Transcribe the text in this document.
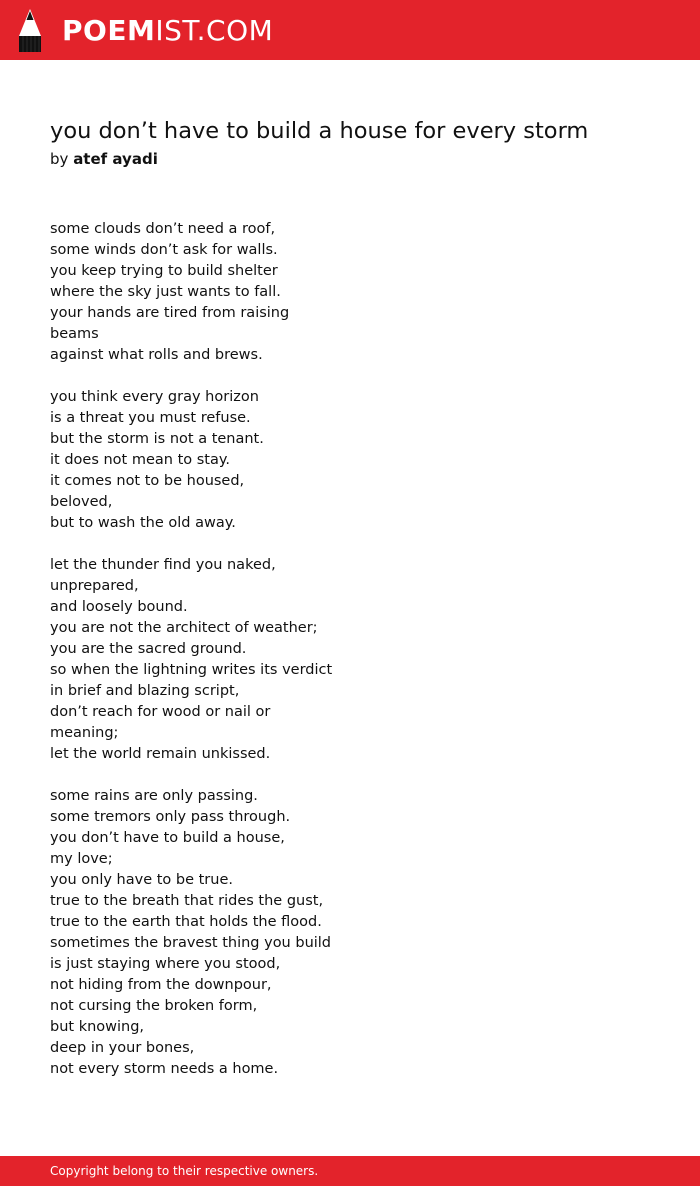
POEMIST.COM
you don’t have to build a house for every storm
by atef ayadi
some clouds don’t need a roof,
some winds don’t ask for walls.
you keep trying to build shelter
where the sky just wants to fall.
your hands are tired from raising
beams
against what rolls and brews.
you think every gray horizon
is a threat you must refuse.
but the storm is not a tenant.
it does not mean to stay.
it comes not to be housed,
beloved,
but to wash the old away.
let the thunder find you naked,
unprepared,
and loosely bound.
you are not the architect of weather;
you are the sacred ground.
so when the lightning writes its verdict
in brief and blazing script,
don’t reach for wood or nail or
meaning;
let the world remain unkissed.
some rains are only passing.
some tremors only pass through.
you don’t have to build a house,
my love;
you only have to be true.
true to the breath that rides the gust,
true to the earth that holds the flood.
sometimes the bravest thing you build
is just staying where you stood,
not hiding from the downpour,
not cursing the broken form,
but knowing,
deep in your bones,
not every storm needs a home.
Copyright belong to their respective owners.
